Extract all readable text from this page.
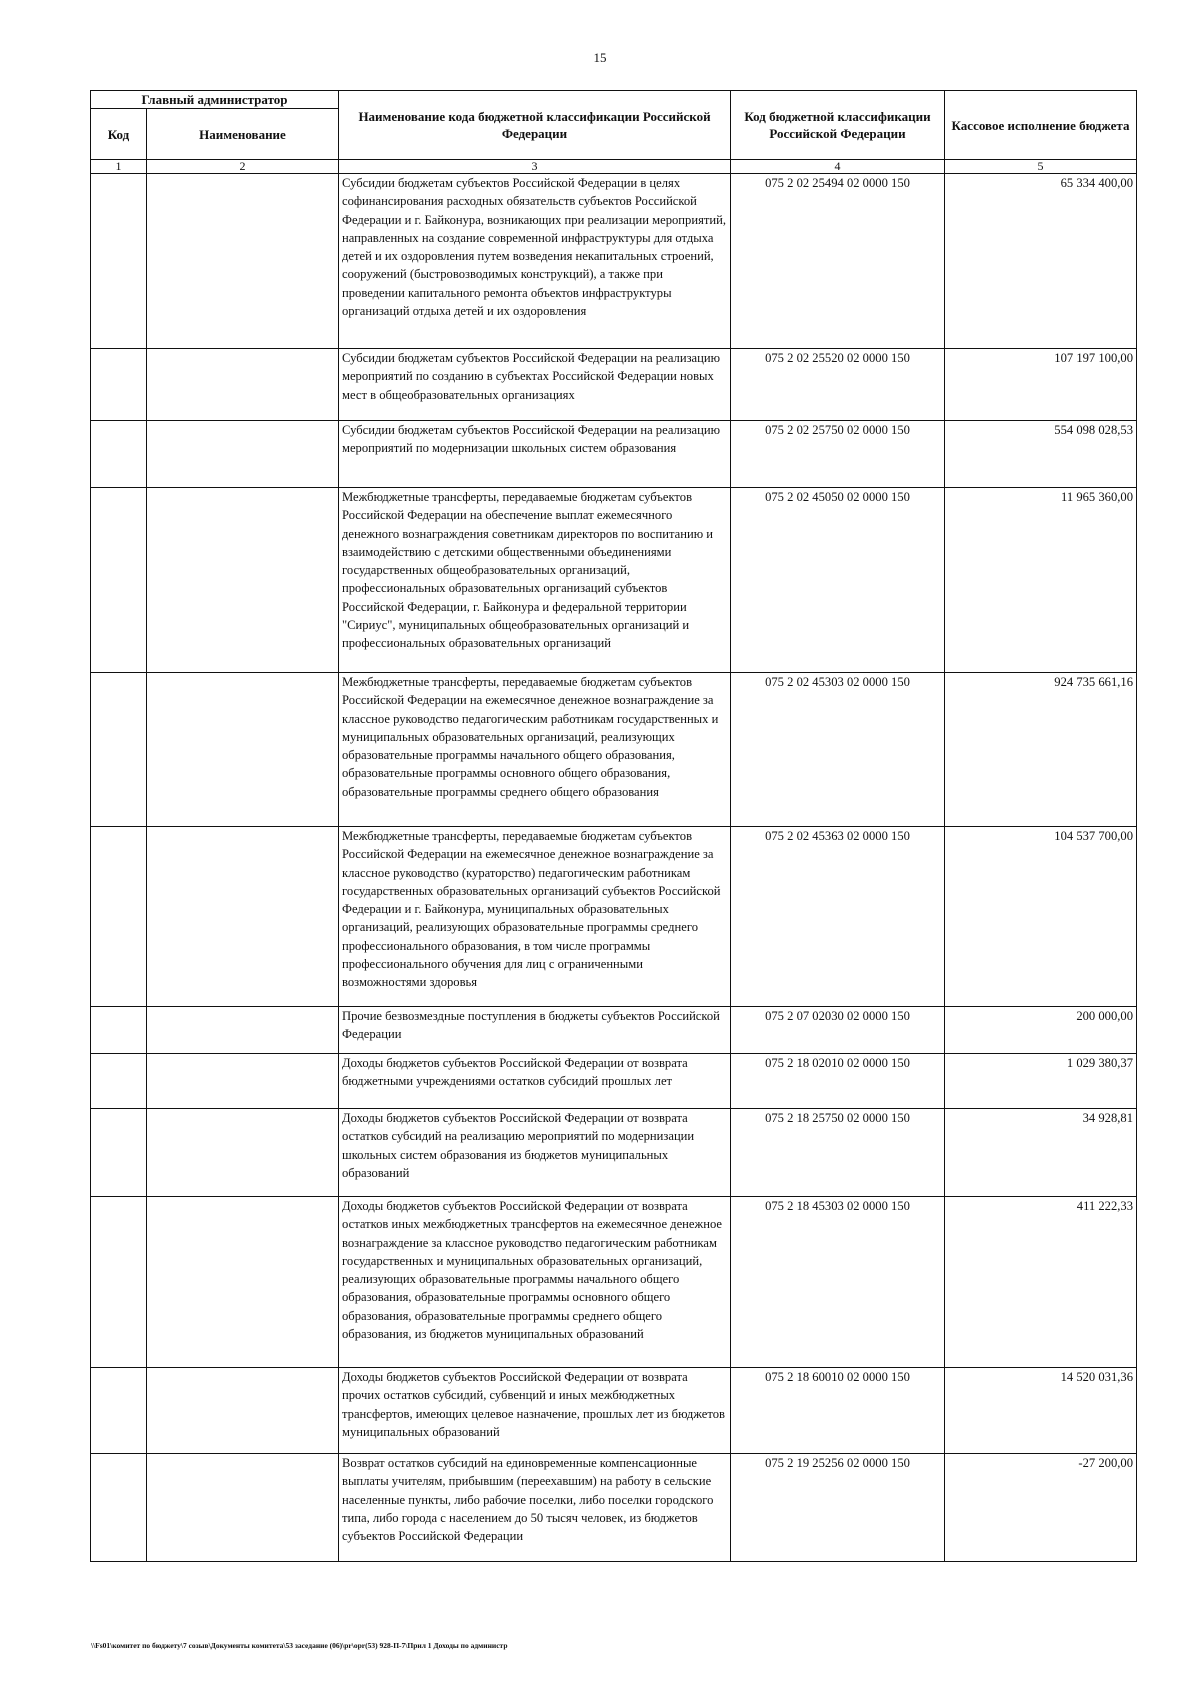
15
Главный администратор		Наименование кода бюджетной классификации Российской Федерации	Код бюджетной классификации Российской Федерации	Кассовое исполнение бюджета
Код	Наименование			
1	2	3	4	5
		Субсидии бюджетам субъектов Российской Федерации в целях софинансирования расходных обязательств субъектов Российской Федерации и г. Байконура, возникающих при реализации мероприятий, направленных на создание современной инфраструктуры для отдыха детей и их оздоровления путем возведения некапитальных строений, сооружений (быстровозводимых конструкций), а также при проведении капитального ремонта объектов инфраструктуры организаций отдыха детей и их оздоровления	075 2 02 25494 02 0000 150	65 334 400,00
		Субсидии бюджетам субъектов Российской Федерации на реализацию мероприятий по созданию в субъектах Российской Федерации новых мест в общеобразовательных организациях	075 2 02 25520 02 0000 150	107 197 100,00
		Субсидии бюджетам субъектов Российской Федерации на реализацию мероприятий по модернизации школьных систем образования	075 2 02 25750 02 0000 150	554 098 028,53
		Межбюджетные трансферты, передаваемые бюджетам субъектов Российской Федерации на обеспечение выплат ежемесячного денежного вознаграждения советникам директоров по воспитанию и взаимодействию с детскими общественными объединениями государственных общеобразовательных организаций, профессиональных образовательных организаций субъектов Российской Федерации, г. Байконура и федеральной территории "Сириус", муниципальных общеобразовательных организаций и профессиональных образовательных организаций	075 2 02 45050 02 0000 150	11 965 360,00
		Межбюджетные трансферты, передаваемые бюджетам субъектов Российской Федерации на ежемесячное денежное вознаграждение за классное руководство педагогическим работникам государственных и муниципальных образовательных организаций, реализующих образовательные программы начального общего образования, образовательные программы основного общего образования, образовательные программы среднего общего образования	075 2 02 45303 02 0000 150	924 735 661,16
		Межбюджетные трансферты, передаваемые бюджетам субъектов Российской Федерации на ежемесячное денежное вознаграждение за классное руководство (кураторство) педагогическим работникам государственных образовательных организаций субъектов Российской Федерации и г. Байконура, муниципальных образовательных организаций, реализующих образовательные программы среднего профессионального образования, в том числе программы профессионального обучения для лиц с ограниченными возможностями здоровья	075 2 02 45363 02 0000 150	104 537 700,00
		Прочие безвозмездные поступления в бюджеты субъектов Российской Федерации	075 2 07 02030 02 0000 150	200 000,00
		Доходы бюджетов субъектов Российской Федерации от возврата бюджетными учреждениями остатков субсидий прошлых лет	075 2 18 02010 02 0000 150	1 029 380,37
		Доходы бюджетов субъектов Российской Федерации от возврата остатков субсидий на реализацию мероприятий по модернизации школьных систем образования из бюджетов муниципальных образований	075 2 18 25750 02 0000 150	34 928,81
		Доходы бюджетов субъектов Российской Федерации от возврата остатков иных межбюджетных трансфертов на ежемесячное денежное вознаграждение за классное руководство педагогическим работникам государственных и муниципальных образовательных организаций, реализующих образовательные программы начального общего образования, образовательные программы основного общего образования, образовательные программы среднего общего образования, из бюджетов муниципальных образований	075 2 18 45303 02 0000 150	411 222,33
		Доходы бюджетов субъектов Российской Федерации от возврата прочих остатков субсидий, субвенций и иных межбюджетных трансфертов, имеющих целевое назначение, прошлых лет из бюджетов муниципальных образований	075 2 18 60010 02 0000 150	14 520 031,36
		Возврат остатков субсидий на единовременные компенсационные выплаты учителям, прибывшим (переехавшим) на работу в сельские населенные пункты, либо рабочие поселки, либо поселки городского типа, либо города с населением до 50 тысяч человек, из бюджетов субъектов Российской Федерации	075 2 19 25256 02 0000 150	-27 200,00
\\Fs01\комитет по бюджету\7 созыв\Документы комитета\53 заседание (06)\pr\opr(53) 928-П-7\Прил 1 Доходы по администр
